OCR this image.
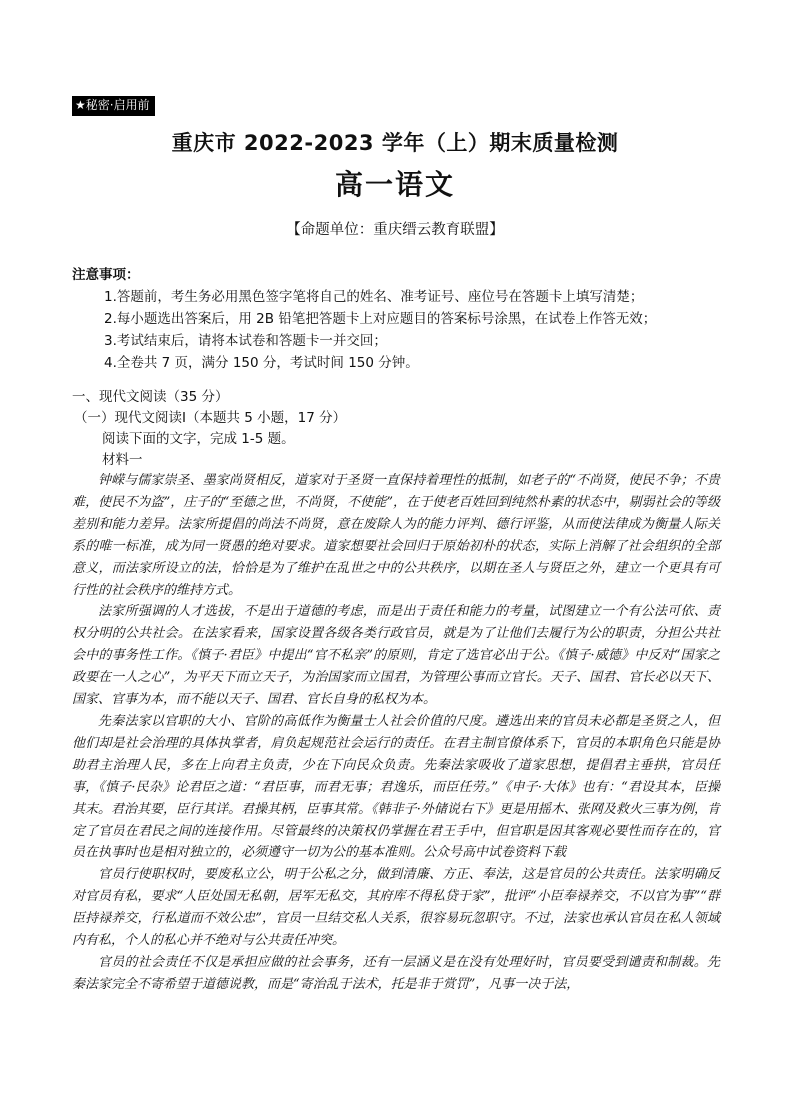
★秘密·启用前
重庆市 2022-2023 学年（上）期末质量检测
高一语文
【命题单位：重庆缙云教育联盟】
注意事项：
1.答题前，考生务必用黑色签字笔将自己的姓名、准考证号、座位号在答题卡上填写清楚；
2.每小题选出答案后，用 2B 铅笔把答题卡上对应题目的答案标号涂黑，在试卷上作答无效；
3.考试结束后，请将本试卷和答题卡一并交回；
4.全卷共 7 页，满分 150 分，考试时间 150 分钟。
一、现代文阅读（35 分）
（一）现代文阅读Ⅰ（本题共 5 小题，17 分）
阅读下面的文字，完成 1-5 题。
材料一

钟嵘与儒家崇圣、墨家尚贤相反，道家对于圣贤一直保持着理性的抵制，如老子的“不尚贤，使民不争；不贵难，使民不为盗”，庄子的“至德之世，不尚贤，不使能”，在于使老百姓回到纯然朴素的状态中，剔弱社会的等级差别和能力差异。法家所提倡的尚法不尚贤，意在废除人为的能力评判、德行评鉴，从而使法律成为衡量人际关系的唯一标准，成为同一贤愚的绝对要求。道家想要社会回归于原始初朴的状态，实际上消解了社会组织的全部意义，而法家所设立的法，恰恰是为了维护在乱世之中的公共秩序，以期在圣人与贤臣之外，建立一个更具有可行性的社会秩序的维持方式。

法家所强调的人才选拔，不是出于道德的考虑，而是出于责任和能力的考量，试图建立一个有公法可依、责权分明的公共社会。在法家看来，国家设置各级各类行政官员，就是为了让他们去履行为公的职责，分担公共社会中的事务性工作。《慎子·君臣》中提出“官不私亲”的原则，肯定了选官必出于公。《慎子·威德》中反对“国家之政要在一人之心”，为平天下而立天子，为治国家而立国君，为管理公事而立官长。天子、国君、官长必以天下、国家、官事为本，而不能以天子、国君、官长自身的私权为本。

先秦法家以官职的大小、官阶的高低作为衡量士人社会价值的尺度。遴选出来的官员未必都是圣贤之人，但他们却是社会治理的具体执掌者，肩负起规范社会运行的责任。在君主制官僚体系下，官员的本职角色只能是协助君主治理人民，多在上向君主负责，少在下向民众负责。先秦法家吸收了道家思想，提倡君主垂拱，官员任事，《慎子·民杂》论君臣之道：“君臣事，而君无事；君逸乐，而臣任劳。”《申子·大体》也有：“君设其本，臣操其末。君治其要，臣行其详。君操其柄，臣事其常。《韩非子·外储说右下》更是用摇木、张网及救火三事为例，肯定了官员在君民之间的连接作用。尽管最终的决策权仍掌握在君王手中，但官职是因其客观必要性而存在的，官员在执事时也是相对独立的，必须遵守一切为公的基本准则。公众号高中试卷资料下载

官员行使职权时，要废私立公，明于公私之分，做到清廉、方正、奉法，这是官员的公共责任。法家明确反对官员有私，要求“人臣处国无私朝，居军无私交，其府库不得私贷于家”，批评“小臣奉禄养交，不以官为事”“群臣持禄养交，行私道而不效公忠”，官员一旦结交私人关系，很容易玩忽职守。不过，法家也承认官员在私人领域内有私，个人的私心并不绝对与公共责任冲突。

官员的社会责任不仅是承担应做的社会事务，还有一层涵义是在没有处理好时，官员要受到谴责和制裁。先秦法家完全不寄希望于道德说教，而是“寄治乱于法术，托是非于赏罚”，凡事一决于法，
